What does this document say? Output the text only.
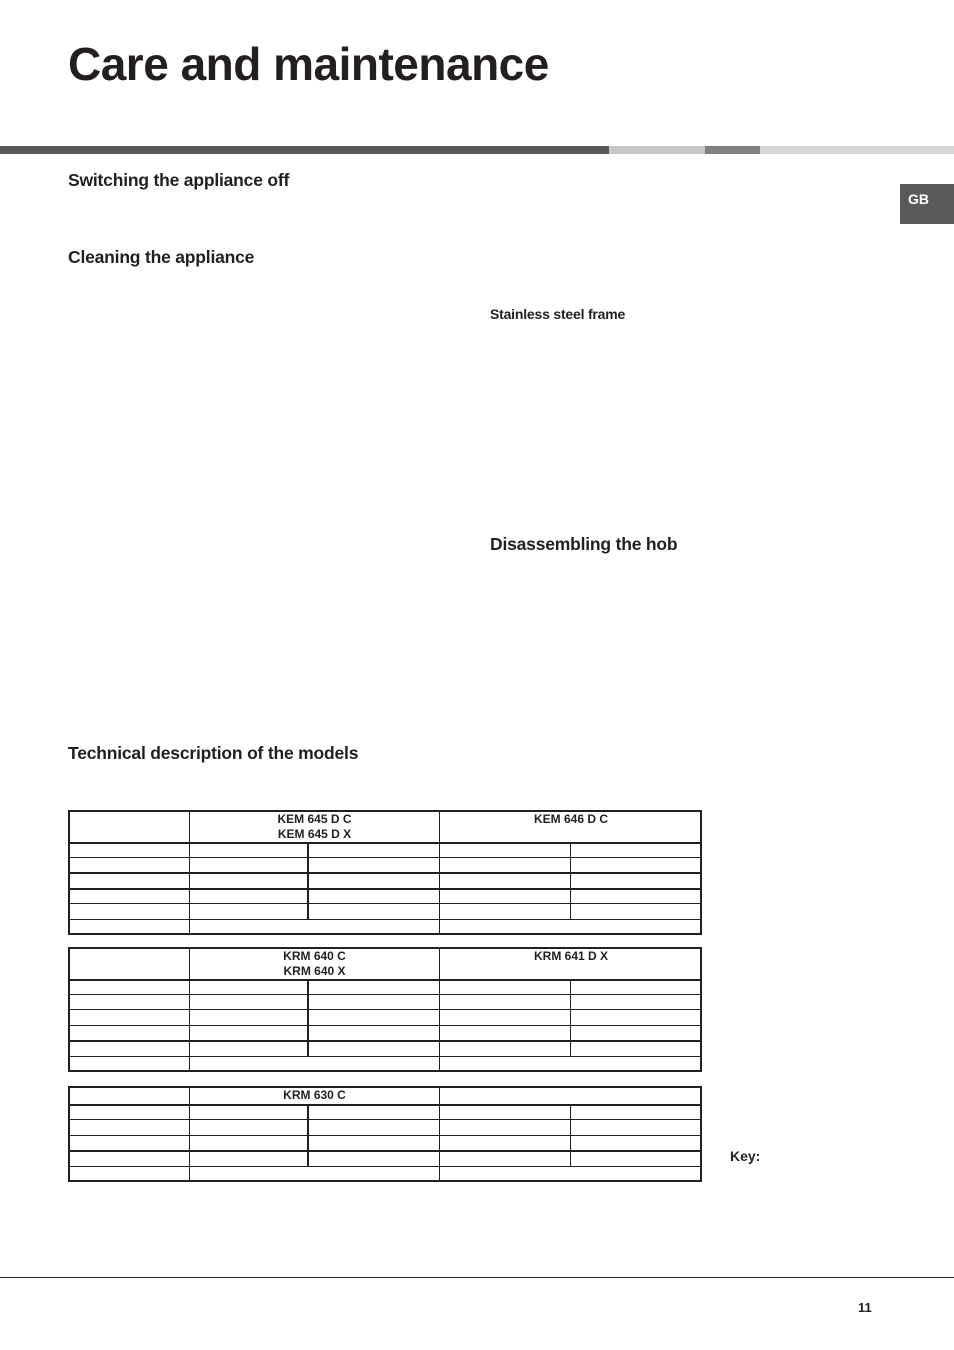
Care and maintenance
GB
Switching the appliance off
Cleaning the appliance
Stainless steel frame
Disassembling the hob
Technical description of the models
KEM 645 D C
KEM 645 D X
KEM 646 D C
KRM 640 C
KRM 640 X
KRM 641 D X
KRM 630 C
Key:
11
